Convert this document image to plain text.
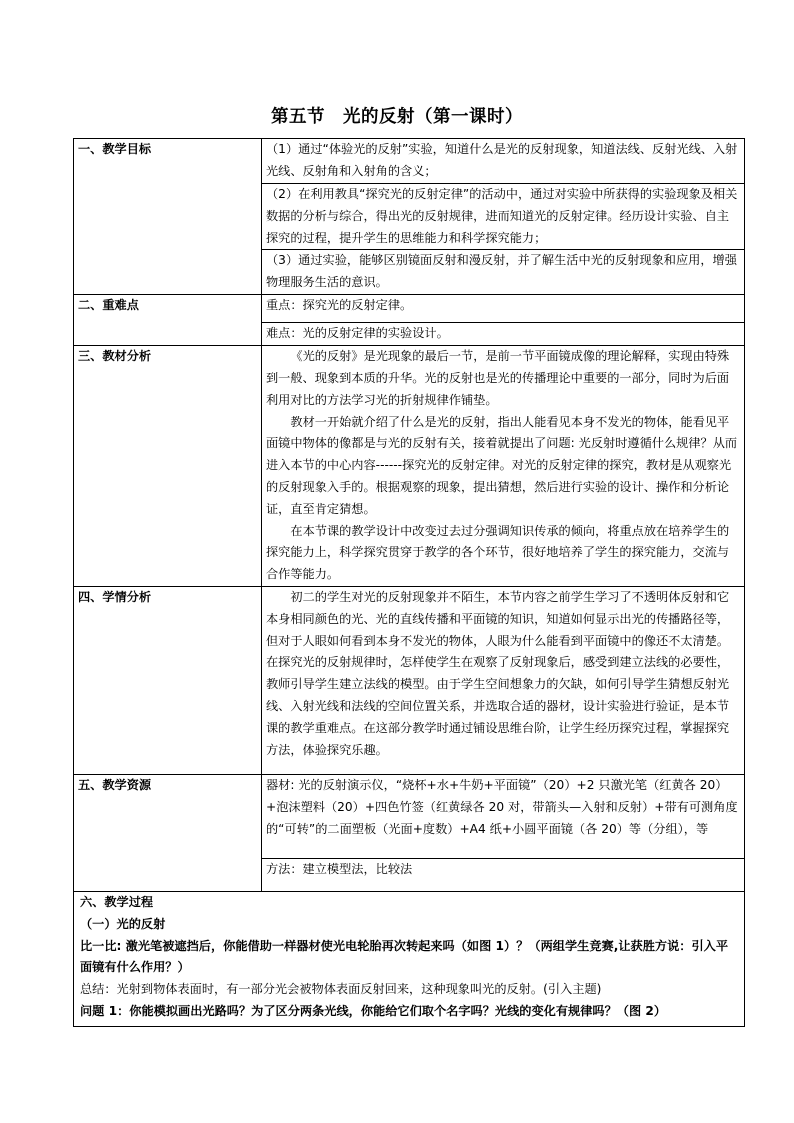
第五节　光的反射（第一课时）
一、教学目标	（1）通过“体验光的反射”实验，知道什么是光的反射现象，知道法线、反射光线、入射光线、反射角和入射角的含义；
	（2）在利用教具“探究光的反射定律”的活动中，通过对实验中所获得的实验现象及相关数据的分析与综合，得出光的反射规律，进而知道光的反射定律。经历设计实验、自主探究的过程，提升学生的思维能力和科学探究能力；
	（3）通过实验，能够区别镜面反射和漫反射，并了解生活中光的反射现象和应用，增强物理服务生活的意识。
二、重难点	重点：探究光的反射定律。
	难点：光的反射定律的实验设计。
三、教材分析	《光的反射》是光现象的最后一节，是前一节平面镜成像的理论解释，实现由特殊到一般、现象到本质的升华。光的反射也是光的传播理论中重要的一部分，同时为后面利用对比的方法学习光的折射规律作铺垫。

教材一开始就介绍了什么是光的反射，指出人能看见本身不发光的物体，能看见平面镜中物体的像都是与光的反射有关，接着就提出了问题: 光反射时遵循什么规律？从而进入本节的中心内容------探究光的反射定律。对光的反射定律的探究，教材是从观察光的反射现象入手的。根据观察的现象，提出猜想，然后进行实验的设计、操作和分析论证，直至肯定猜想。

在本节课的教学设计中改变过去过分强调知识传承的倾向，将重点放在培养学生的探究能力上，科学探究贯穿于教学的各个环节，很好地培养了学生的探究能力，交流与合作等能力。

四、学情分析	初二的学生对光的反射现象并不陌生，本节内容之前学生学习了不透明体反射和它本身相同颜色的光、光的直线传播和平面镜的知识，知道如何显示出光的传播路径等，但对于人眼如何看到本身不发光的物体，人眼为什么能看到平面镜中的像还不太清楚。在探究光的反射规律时，怎样使学生在观察了反射现象后，感受到建立法线的必要性，教师引导学生建立法线的模型。由于学生空间想象力的欠缺，如何引导学生猜想反射光线、入射光线和法线的空间位置关系，并选取合适的器材，设计实验进行验证，是本节课的教学重难点。在这部分教学时通过铺设思维台阶，让学生经历探究过程，掌握探究方法，体验探究乐趣。

五、教学资源	器材: 光的反射演示仪，“烧杯+水+牛奶+平面镜”（20）+2 只激光笔（红黄各 20）+泡沫塑料（20）+四色竹签（红黄绿各 20 对，带箭头—入射和反射）+带有可测角度的“可转”的二面塑板（光面+度数）+A4 纸+小圆平面镜（各 20）等（分组），等
	方法：建立模型法，比较法

六、教学过程
（一）光的反射
比一比: 激光笔被遮挡后，你能借助一样器材使光电轮胎再次转起来吗（如图 1）？（两组学生竞赛,让获胜方说：引入平面镜有什么作用？）
总结：光射到物体表面时，有一部分光会被物体表面反射回来，这种现象叫光的反射。(引入主题)
问题 1：你能模拟画出光路吗？为了区分两条光线，你能给它们取个名字吗？光线的变化有规律吗？（图 2）	
